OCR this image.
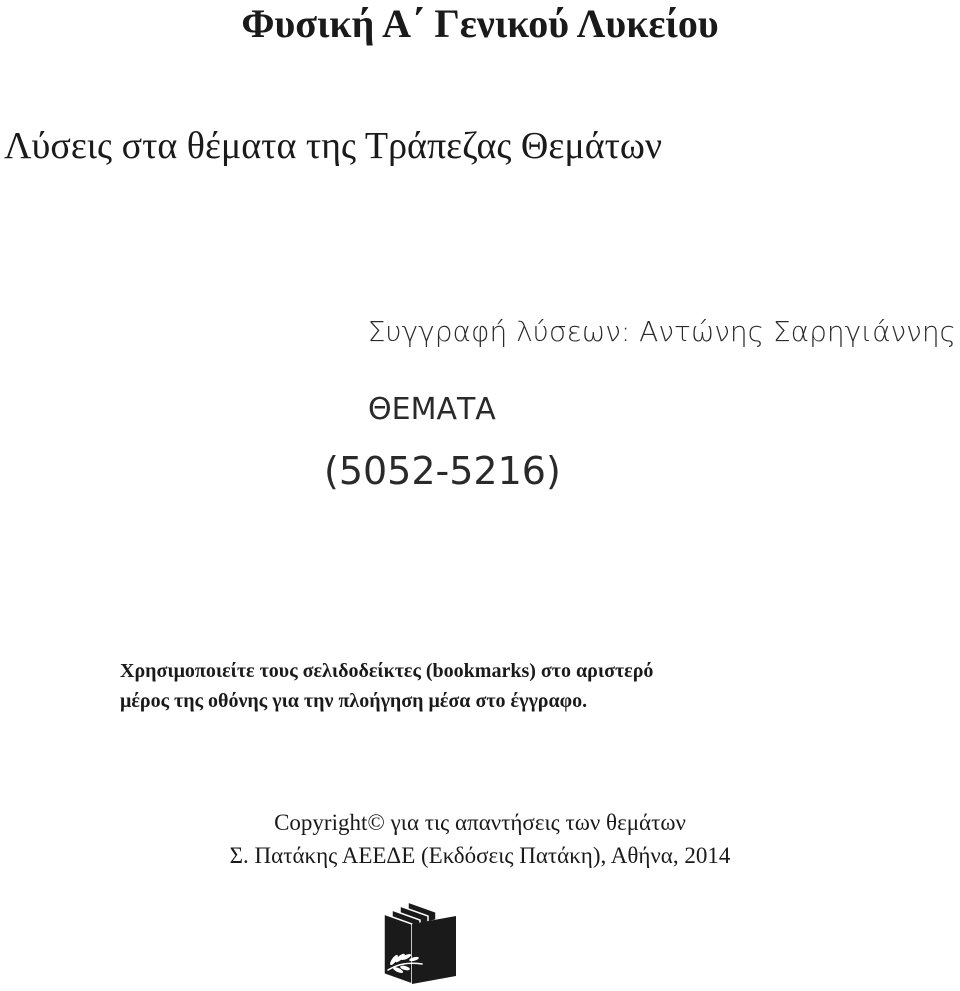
Φυσική Α΄ Γενικού Λυκείου
Λύσεις στα θέματα της Τράπεζας Θεμάτων
Συγγραφή λύσεων: Αντώνης Σαρηγιάννης
ΘΕΜΑΤΑ
(5052-5216)
Χρησιμοποιείτε τους σελιδοδείκτες (bookmarks) στο αριστερό
μέρος της οθόνης για την πλοήγηση μέσα στο έγγραφο.
Copyright© για τις απαντήσεις των θεμάτων
Σ. Πατάκης ΑΕΕΔΕ (Εκδόσεις Πατάκη), Αθήνα, 2014
